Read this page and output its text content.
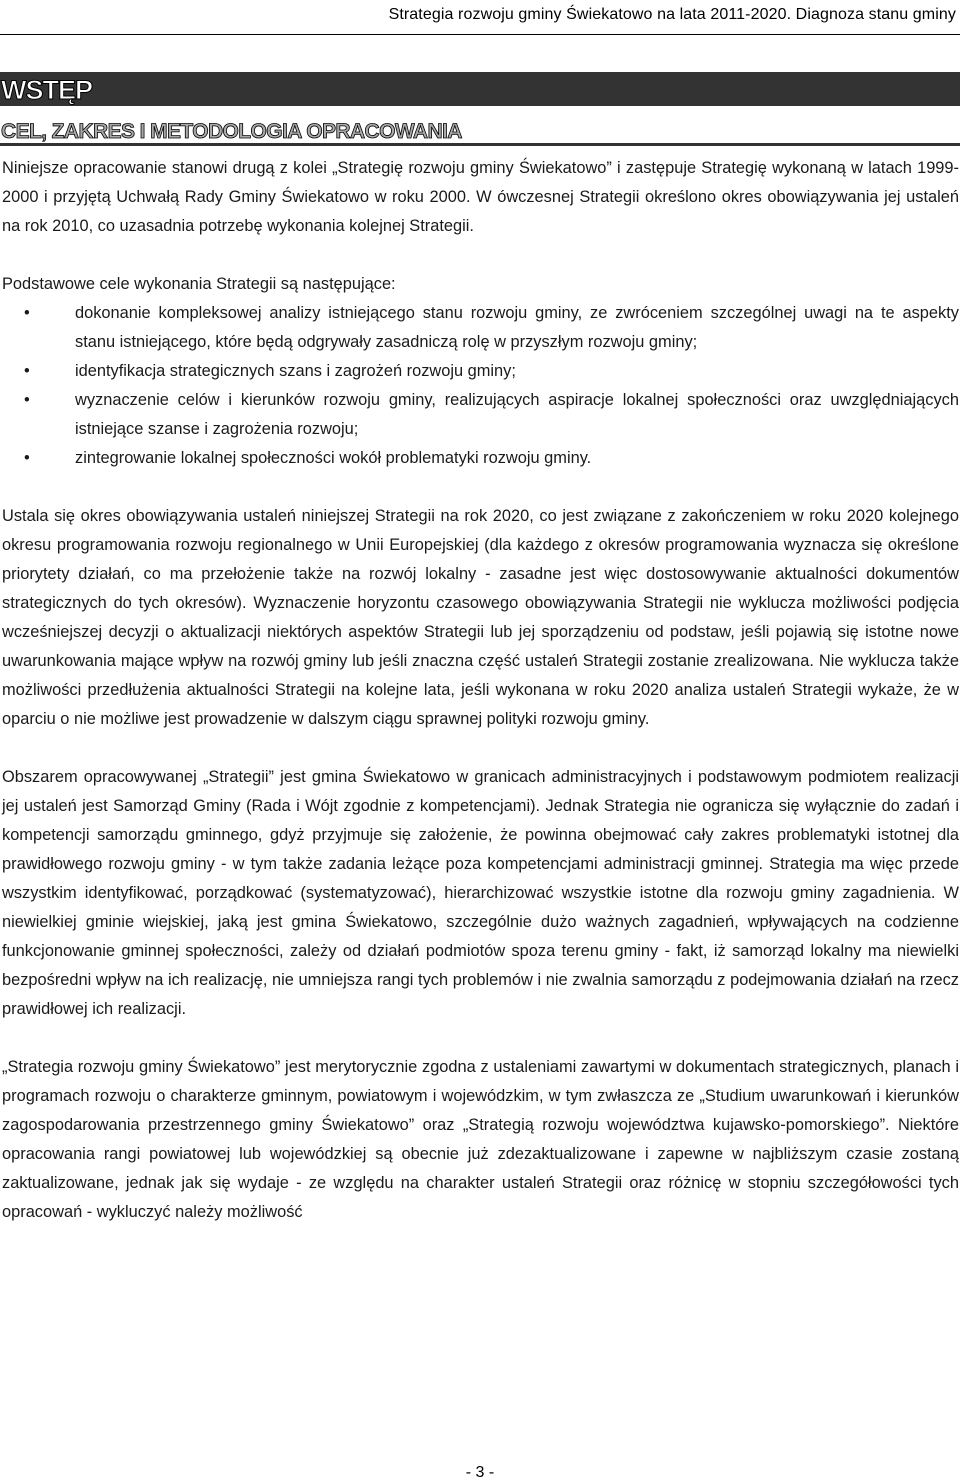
Strategia rozwoju gminy Świekatowo na lata 2011-2020. Diagnoza stanu gminy
WSTĘP
CEL, ZAKRES I METODOLOGIA OPRACOWANIA

Niniejsze opracowanie stanowi drugą z kolei „Strategię rozwoju gminy Świekatowo” i zastępuje Strategię wykonaną w latach 1999-2000 i przyjętą Uchwałą Rady Gminy Świekatowo w roku 2000. W ówczesnej Strategii określono okres obowiązywania jej ustaleń na rok 2010, co uzasadnia potrzebę wykonania kolejnej Strategii.

Podstawowe cele wykonania Strategii są następujące:

• dokonanie kompleksowej analizy istniejącego stanu rozwoju gminy, ze zwróceniem szczególnej uwagi na te aspekty stanu istniejącego, które będą odgrywały zasadniczą rolę w przyszłym rozwoju gminy;
• identyfikacja strategicznych szans i zagrożeń rozwoju gminy;
• wyznaczenie celów i kierunków rozwoju gminy, realizujących aspiracje lokalnej społeczności oraz uwzględniających istniejące szanse i zagrożenia rozwoju;
• zintegrowanie lokalnej społeczności wokół problematyki rozwoju gminy.

Ustala się okres obowiązywania ustaleń niniejszej Strategii na rok 2020, co jest związane z zakończeniem w roku 2020 kolejnego okresu programowania rozwoju regionalnego w Unii Europejskiej (dla każdego z okresów programowania wyznacza się określone priorytety działań, co ma przełożenie także na rozwój lokalny - zasadne jest więc dostosowywanie aktualności dokumentów strategicznych do tych okresów). Wyznaczenie horyzontu czasowego obowiązywania Strategii nie wyklucza możliwości podjęcia wcześniejszej decyzji o aktualizacji niektórych aspektów Strategii lub jej sporządzeniu od podstaw, jeśli pojawią się istotne nowe uwarunkowania mające wpływ na rozwój gminy lub jeśli znaczna część ustaleń Strategii zostanie zrealizowana. Nie wyklucza także możliwości przedłużenia aktualności Strategii na kolejne lata, jeśli wykonana w roku 2020 analiza ustaleń Strategii wykaże, że w oparciu o nie możliwe jest prowadzenie w dalszym ciągu sprawnej polityki rozwoju gminy.

Obszarem opracowywanej „Strategii” jest gmina Świekatowo w granicach administracyjnych i podstawowym podmiotem realizacji jej ustaleń jest Samorząd Gminy (Rada i Wójt zgodnie z kompetencjami). Jednak Strategia nie ogranicza się wyłącznie do zadań i kompetencji samorządu gminnego, gdyż przyjmuje się założenie, że powinna obejmować cały zakres problematyki istotnej dla prawidłowego rozwoju gminy - w tym także zadania leżące poza kompetencjami administracji gminnej. Strategia ma więc przede wszystkim identyfikować, porządkować (systematyzować), hierarchizować wszystkie istotne dla rozwoju gminy zagadnienia. W niewielkiej gminie wiejskiej, jaką jest gmina Świekatowo, szczególnie dużo ważnych zagadnień, wpływających na codzienne funkcjonowanie gminnej społeczności, zależy od działań podmiotów spoza terenu gminy - fakt, iż samorząd lokalny ma niewielki bezpośredni wpływ na ich realizację, nie umniejsza rangi tych problemów i nie zwalnia samorządu z podejmowania działań na rzecz prawidłowej ich realizacji.

„Strategia rozwoju gminy Świekatowo” jest merytorycznie zgodna z ustaleniami zawartymi w dokumentach strategicznych, planach i programach rozwoju o charakterze gminnym, powiatowym i wojewódzkim, w tym zwłaszcza ze „Studium uwarunkowań i kierunków zagospodarowania przestrzennego gminy Świekatowo” oraz „Strategią rozwoju województwa kujawsko-pomorskiego”. Niektóre opracowania rangi powiatowej lub wojewódzkiej są obecnie już zdezaktualizowane i zapewne w najbliższym czasie zostaną zaktualizowane, jednak jak się wydaje - ze względu na charakter ustaleń Strategii oraz różnicę w stopniu szczegółowości tych opracowań - wykluczyć należy możliwość

- 3 -
